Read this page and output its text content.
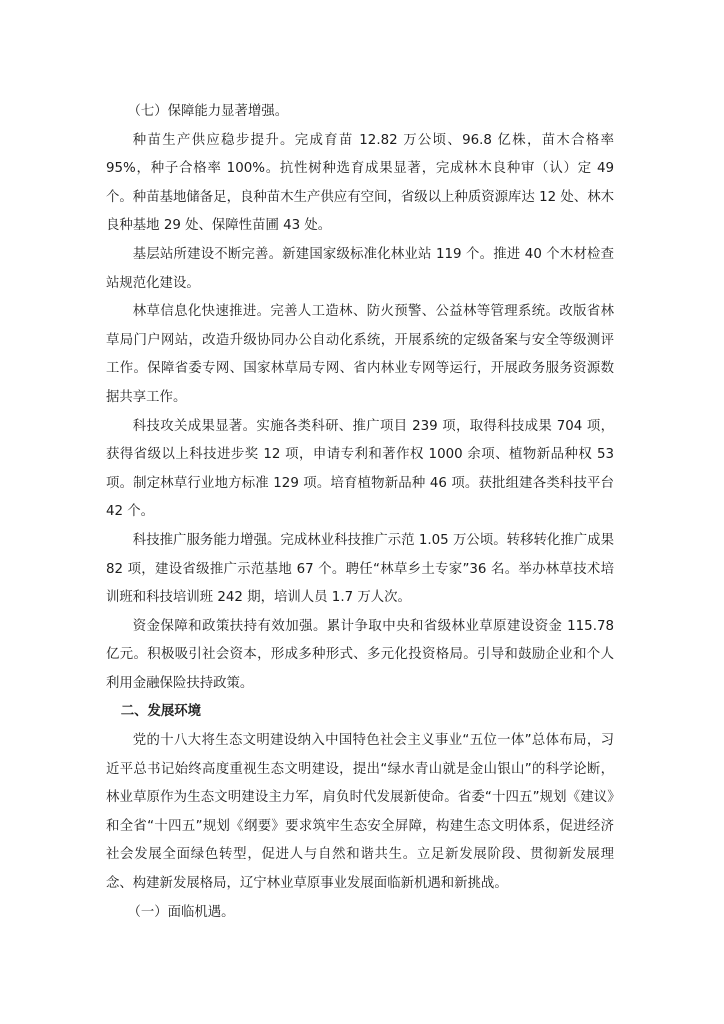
（七）保障能力显著增强。

种苗生产供应稳步提升。完成育苗 12.82 万公顷、96.8 亿株，苗木合格率 95%，种子合格率 100%。抗性树种选育成果显著，完成林木良种审（认）定 49 个。种苗基地储备足，良种苗木生产供应有空间，省级以上种质资源库达 12 处、林木良种基地 29 处、保障性苗圃 43 处。

基层站所建设不断完善。新建国家级标准化林业站 119 个。推进 40 个木材检查站规范化建设。

林草信息化快速推进。完善人工造林、防火预警、公益林等管理系统。改版省林草局门户网站，改造升级协同办公自动化系统，开展系统的定级备案与安全等级测评工作。保障省委专网、国家林草局专网、省内林业专网等运行，开展政务服务资源数据共享工作。

科技攻关成果显著。实施各类科研、推广项目 239 项，取得科技成果 704 项，获得省级以上科技进步奖 12 项，申请专利和著作权 1000 余项、植物新品种权 53 项。制定林草行业地方标准 129 项。培育植物新品种 46 项。获批组建各类科技平台 42 个。

科技推广服务能力增强。完成林业科技推广示范 1.05 万公顷。转移转化推广成果 82 项，建设省级推广示范基地 67 个。聘任“林草乡土专家”36 名。举办林草技术培训班和科技培训班 242 期，培训人员 1.7 万人次。

资金保障和政策扶持有效加强。累计争取中央和省级林业草原建设资金 115.78 亿元。积极吸引社会资本，形成多种形式、多元化投资格局。引导和鼓励企业和个人利用金融保险扶持政策。

二、发展环境

党的十八大将生态文明建设纳入中国特色社会主义事业“五位一体”总体布局，习近平总书记始终高度重视生态文明建设，提出“绿水青山就是金山银山”的科学论断，林业草原作为生态文明建设主力军，肩负时代发展新使命。省委“十四五”规划《建议》和全省“十四五”规划《纲要》要求筑牢生态安全屏障，构建生态文明体系，促进经济社会发展全面绿色转型，促进人与自然和谐共生。立足新发展阶段、贯彻新发展理念、构建新发展格局，辽宁林业草原事业发展面临新机遇和新挑战。

（一）面临机遇。
